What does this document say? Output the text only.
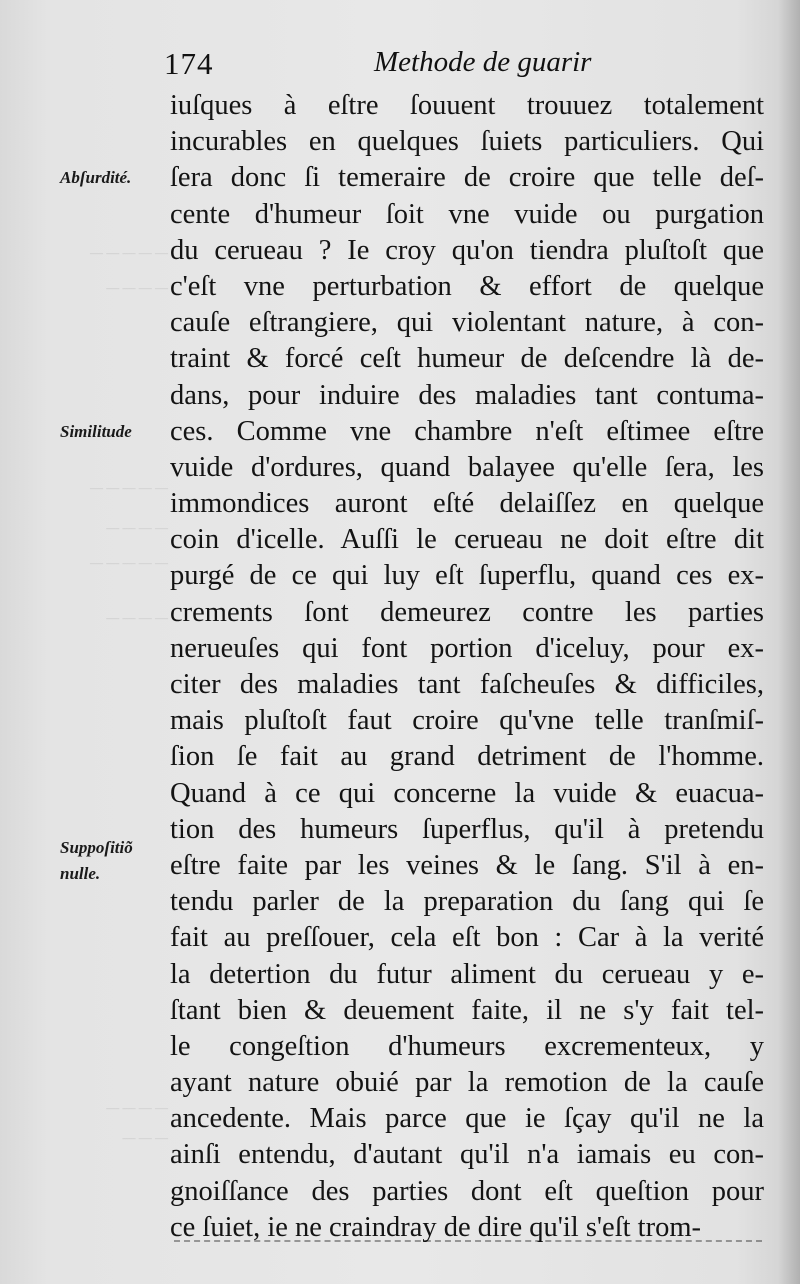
— — — — —
— — — —
— — — — —
— — — —
— — — — —
— — — —
— — — —
— — —
174	Methode de guarir
Abſurdité.
Similitude
Suppoſitiõ
nulle.
iuſques à eſtre ſouuent trouuez totalement
incurables en quelques ſuiets particuliers. Qui
ſera donc ſi temeraire de croire que telle deſ-
cente d'humeur ſoit vne vuide ou purgation
du cerueau ? Ie croy qu'on tiendra pluſtoſt que
c'eſt vne perturbation & effort de quelque
cauſe eſtrangiere, qui violentant nature, à con-
traint & forcé ceſt humeur de deſcendre là de-
dans, pour induire des maladies tant contuma-
ces. Comme vne chambre n'eſt eſtimee eſtre
vuide d'ordures, quand balayee qu'elle ſera, les
immondices auront eſté delaiſſez en quelque
coin d'icelle. Auſſi le cerueau ne doit eſtre dit
purgé de ce qui luy eſt ſuperflu, quand ces ex-
crements ſont demeurez contre les parties
nerueuſes qui font portion d'iceluy, pour ex-
citer des maladies tant faſcheuſes & difficiles,
mais pluſtoſt faut croire qu'vne telle tranſmiſ-
ſion ſe fait au grand detriment de l'homme.
Quand à ce qui concerne la vuide & euacua-
tion des humeurs ſuperflus, qu'il à pretendu
eſtre faite par les veines & le ſang. S'il à en-
tendu parler de la preparation du ſang qui ſe
fait au preſſouer, cela eſt bon : Car à la verité
la detertion du futur aliment du cerueau y e-
ſtant bien & deuement faite, il ne s'y fait tel-
le congeſtion d'humeurs excrementeux, y
ayant nature obuié par la remotion de la cauſe
ancedente. Mais parce que ie ſçay qu'il ne la
ainſi entendu, d'autant qu'il n'a iamais eu con-
gnoiſſance des parties dont eſt queſtion pour
ce ſuiet, ie ne craindray de dire qu'il s'eſt trom-
